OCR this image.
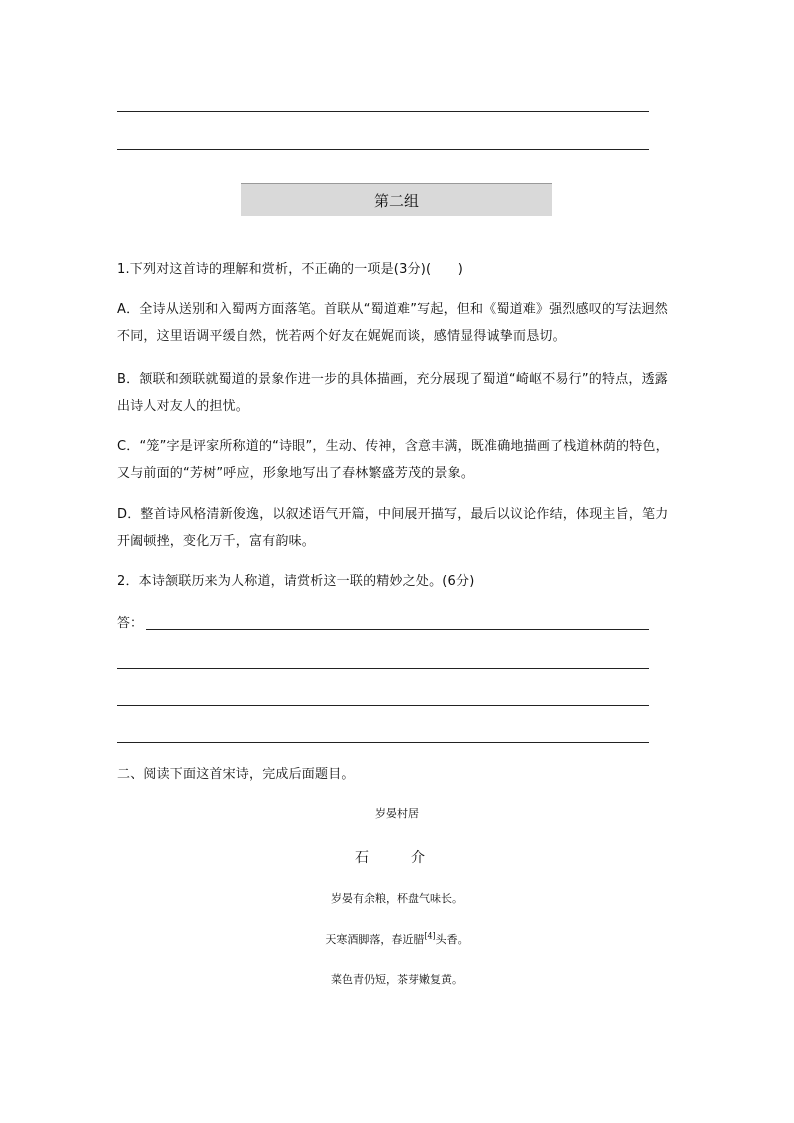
第二组
1.下列对这首诗的理解和赏析，不正确的一项是(3分)(　　)
A．全诗从送别和入蜀两方面落笔。首联从“蜀道难”写起，但和《蜀道难》强烈感叹的写法迥然不同，这里语调平缓自然，恍若两个好友在娓娓而谈，感情显得诚挚而恳切。
B．颔联和颈联就蜀道的景象作进一步的具体描画，充分展现了蜀道“崎岖不易行”的特点，透露出诗人对友人的担忧。
C．“笼”字是评家所称道的“诗眼”，生动、传神，含意丰满，既准确地描画了栈道林荫的特色，又与前面的“芳树”呼应，形象地写出了春林繁盛芳茂的景象。
D．整首诗风格清新俊逸，以叙述语气开篇，中间展开描写，最后以议论作结，体现主旨，笔力开阖顿挫，变化万千，富有韵味。
2．本诗颔联历来为人称道，请赏析这一联的精妙之处。(6分)
答：
二、阅读下面这首宋诗，完成后面题目。
岁晏村居
石　介
岁晏有余粮，杯盘气味长。
天寒酒脚落，春近腊[4]头香。
菜色青仍短，茶芽嫩复黄。
